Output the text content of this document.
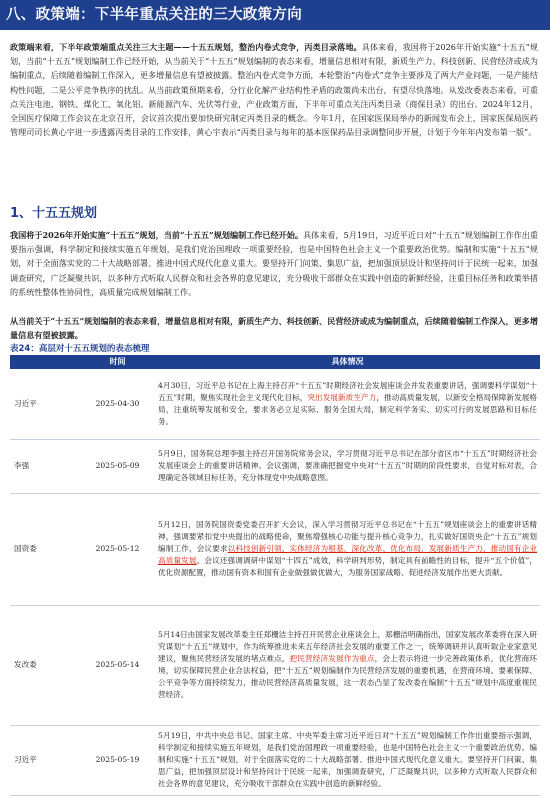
八、政策端：下半年重点关注的三大政策方向

政策端来看，下半年政策端重点关注三大主题——十五五规划，整治内卷式竞争，丙类目录落地。具体来看，我国将于2026年开始实施“十五五”规划，当前“十五五”规划编制工作已经开始，从当前关于“十五五”规划编制的表态来看，增量信息相对有限，新质生产力、科技创新、民营经济或成为编制重点，后续随着编制工作深入，更多增量信息有望被披露。整治内卷式竞争方面，本轮整治“内卷式”竞争主要涉及了两大产业问题，一是产能结构性问题，二是公平竞争秩序的扰乱。从当前政策预期来看，分行业化解产业结构性矛盾的政策尚未出台，有望尽快落地。从发改委表态来看，可重点关注电池、钢铁、煤化工、氧化铝、新能源汽车、光伏等行业，产业政策方面，下半年可重点关注丙类目录（商保目录）的出台。2024年12月，全国医疗保障工作会议在北京召开，会议首次提出要加快研究制定丙类目录的概念。今年1月，在国家医保局举办的新闻发布会上，国家医保局医药管理司司长黄心宇进一步透露丙类目录的工作安排，黄心宇表示“丙类目录与每年的基本医保药品目录调整同步开展，计划于今年年内发布第一版”。

1、十五五规划

我国将于2026年开始实施“十五五”规划，当前“十五五”规划编制工作已经开始。具体来看，5月19日，习近平近日对“十五五”规划编制工作作出重要指示强调，科学制定和接续实施五年规划，是我们党治国理政一项重要经验，也是中国特色社会主义一个重要政治优势。编制和实施“十五五”规划，对于全面落实党的二十大战略部署、推进中国式现代化意义重大。要坚持开门问策、集思广益，把加强顶层设计和坚持问计于民统一起来，加强调查研究，广泛凝聚共识，以多种方式听取人民群众和社会各界的意见建议，充分吸收干部群众在实践中创造的新鲜经验，注重目标任务和政策举措的系统性整体性协同性，高质量完成规划编制工作。

从当前关于“十五五”规划编制的表态来看，增量信息相对有限，新质生产力、科技创新、民营经济或成为编制重点，后续随着编制工作深入，更多增量信息有望被披露。

表24：高层对十五五规划的表态梳理
	时间	具体情况
习近平	2025-04-30	4月30日，习近平总书记在上海主持召开“十五五”时期经济社会发展座谈会并发表重要讲话，强调要科学谋划“十五五”时期，聚焦实现社会主义现代化目标，突出发展新质生产力，推动高质量发展，以新安全格局保障新发展格局，注重统筹发展和安全，要求务必立足实际、服务全国大局，制定科学务实、切实可行的发展思路和目标任务。

李强	2025-05-09	5月9日，国务院总理李强主持召开国务院常务会议，学习贯彻习近平总书记在部分省区市“十五五”时期经济社会发展座谈会上的重要讲话精神。会议强调，要准确把握党中央对“十五五”时期的阶段性要求，自觉对标对表，合理确定各领域目标任务，充分体现党中央战略意图。

国资委	2025-05-12	5月12日，国务院国资委党委召开扩大会议，深入学习贯彻习近平总书记在“十五五”规划座谈会上的重要讲话精神，强调要紧扣党中央提出的战略使命，聚焦增强核心功能与提升核心竞争力，扎实做好国资央企“十五五”规划编制工作，会议要求以科技创新引领、实体经济为根基，深化改革、优化布局，发展新质生产力，推动国有企业高质量发展。会议还强调调研中谋划“十四五”成效，科学研判形势，制定具有前瞻性的目标，提升“五个价值”，优化资源配置，推动国有资本和国有企业做强做优做大，为服务国家战略、促进经济发展作出更大贡献。

发改委	2025-05-14	5月14日由国家发展改革委主任郑栅洁主持召开民营企业座谈会上，郑栅洁明确指出，国家发展改革委将在深入研究谋划“十五五”规划中，作为统筹推进未来五年经济社会发展的重要工作之一，统筹调研并认真听取企业家意见建议，聚焦民营经济发展的堵点难点，把民营经济发展作为重点，会上表示将进一步完善政策体系，优化营商环境，切实保障民营企业合法权益，把“十五五”规划编制作为民营经济发展的重要机遇，在营商环境、要素保障、公平竞争等方面持续发力，推动民营经济高质量发展，这一表态凸显了发改委在编制“十五五”规划中高度重视民营经济。

习近平	2025-05-19	5月19日，中共中央总书记、国家主席、中央军委主席习近平近日对“十五五”规划编制工作作出重要指示强调，科学制定和接续实施五年规划，是我们党治国理政一项重要经验，也是中国特色社会主义一个重要政治优势。编制和实施“十五五”规划，对于全面落实党的二十大战略部署、推进中国式现代化意义重大。要坚持开门问策、集思广益，把加强顶层设计和坚持问计于民统一起来，加强调查研究，广泛凝聚共识，以多种方式听取人民群众和社会各界的意见建议，充分吸收干部群众在实践中创造的新鲜经验。
